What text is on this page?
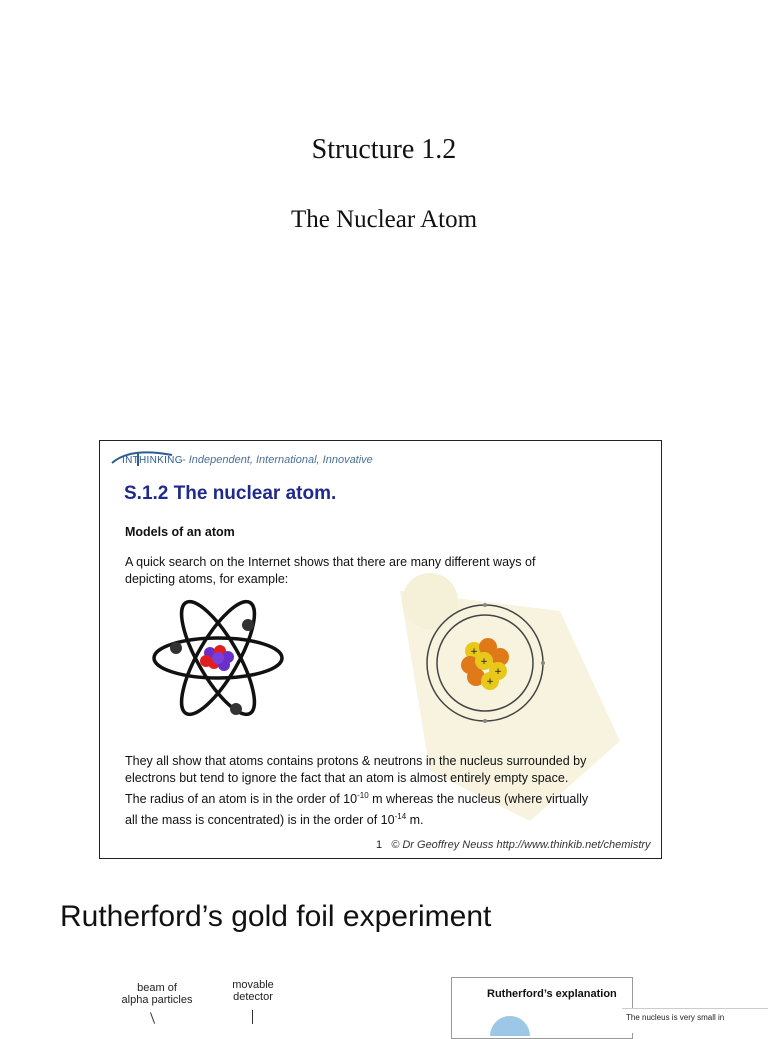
Structure 1.2
The Nuclear Atom
INTHINKING - Independent, International, Innovative
S.1.2 The nuclear atom.
Models of an atom
A quick search on the Internet shows that there are many different ways of
depicting atoms, for example:
+
+
+
+
They all show that atoms contains protons & neutrons in the nucleus surrounded by
electrons but tend to ignore the fact that an atom is almost entirely empty space.
The radius of an atom is in the order of $10^{-10}$ m whereas the nucleus (where virtually
all the mass is concentrated) is in the order of $10^{-14}$ m.
1 © Dr Geoffrey Neuss http://www.thinkib.net/chemistry
Rutherford’s gold foil experiment
beam of
alpha particles
movable
detector	Rutherford’s explanation
The nucleus is very small in
